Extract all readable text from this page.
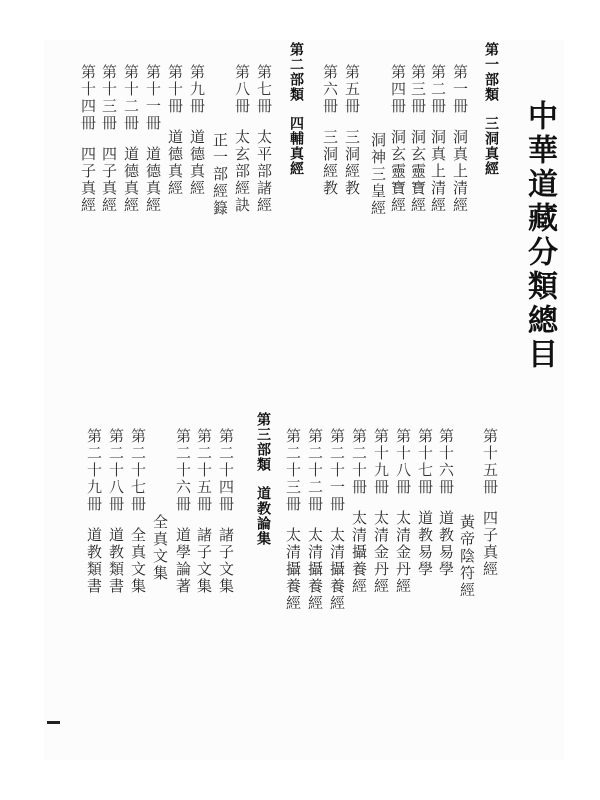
中華道藏分類總目
第一部類三洞真經
第一冊洞真上清經
第二冊洞真上清經
第三冊洞玄靈寶經
第四冊洞玄靈寶經
洞神三皇經
第五冊三洞經教
第六冊三洞經教
第二部類四輔真經
第七冊太平部諸經
第八冊太玄部經訣
正一部經籙
第九冊道德真經
第十冊道德真經
第十一冊道德真經
第十二冊道德真經
第十三冊四子真經
第十四冊四子真經
第十五冊四子真經
黃帝陰符經
第十六冊道教易學
第十七冊道教易學
第十八冊太清金丹經
第十九冊太清金丹經
第二十冊太清攝養經
第二十一冊太清攝養經
第二十二冊太清攝養經
第二十三冊太清攝養經
第三部類道教論集
第二十四冊諸子文集
第二十五冊諸子文集
第二十六冊道學論著
全真文集
第二十七冊全真文集
第二十八冊道教類書
第二十九冊道教類書
